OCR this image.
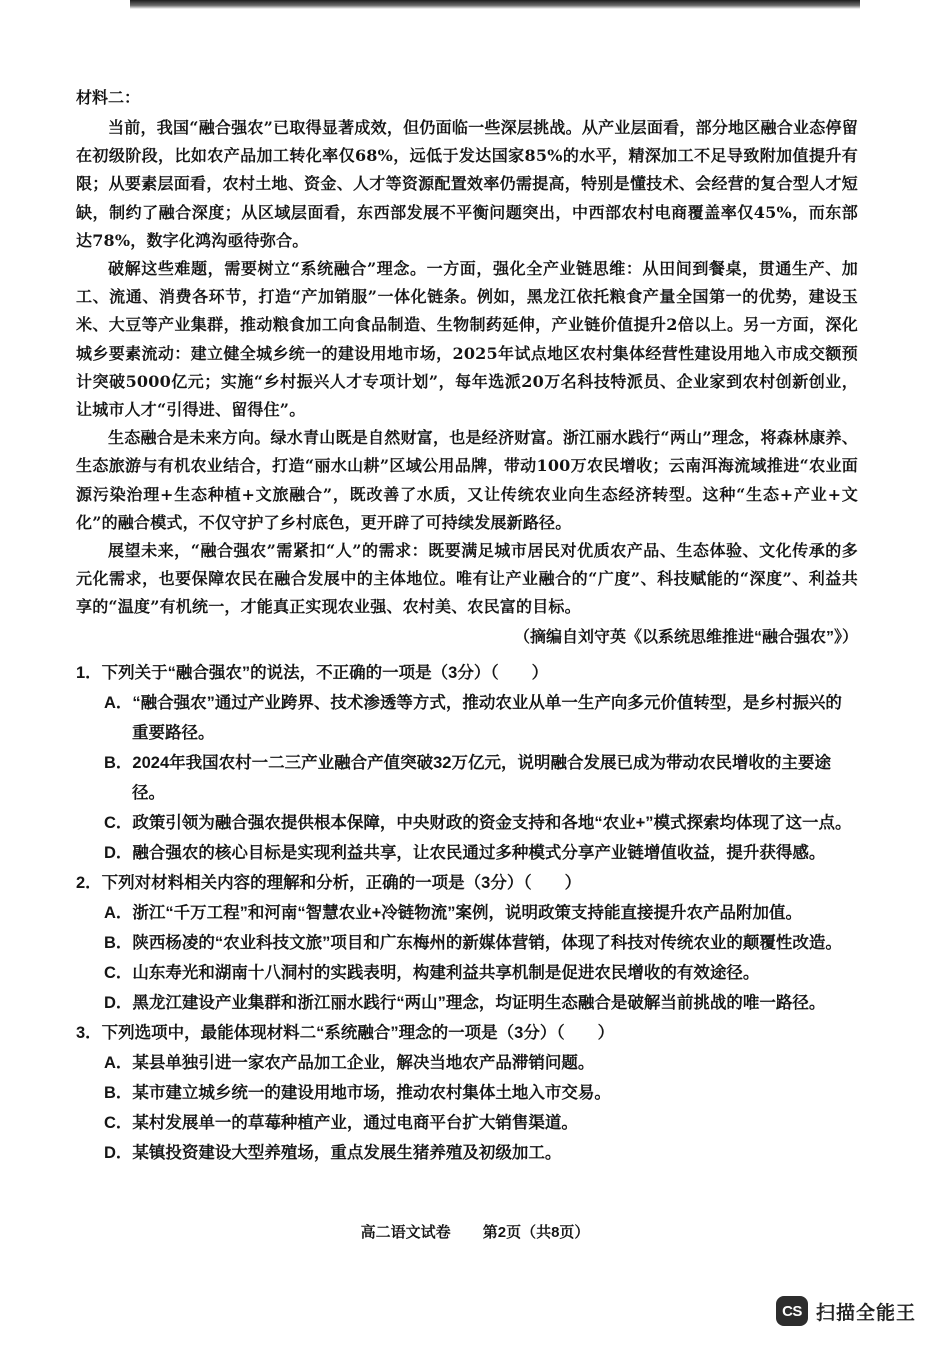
材料二：

当前，我国“融合强农”已取得显著成效，但仍面临一些深层挑战。从产业层面看，部分地区融合业态停留在初级阶段，比如农产品加工转化率仅68%，远低于发达国家85%的水平，精深加工不足导致附加值提升有限；从要素层面看，农村土地、资金、人才等资源配置效率仍需提高，特别是懂技术、会经营的复合型人才短缺，制约了融合深度；从区域层面看，东西部发展不平衡问题突出，中西部农村电商覆盖率仅45%，而东部达78%，数字化鸿沟亟待弥合。

破解这些难题，需要树立“系统融合”理念。一方面，强化全产业链思维：从田间到餐桌，贯通生产、加工、流通、消费各环节，打造“产加销服”一体化链条。例如，黑龙江依托粮食产量全国第一的优势，建设玉米、大豆等产业集群，推动粮食加工向食品制造、生物制药延伸，产业链价值提升2倍以上。另一方面，深化城乡要素流动：建立健全城乡统一的建设用地市场，2025年试点地区农村集体经营性建设用地入市成交额预计突破5000亿元；实施“乡村振兴人才专项计划”，每年选派20万名科技特派员、企业家到农村创新创业，让城市人才“引得进、留得住”。

生态融合是未来方向。绿水青山既是自然财富，也是经济财富。浙江丽水践行“两山”理念，将森林康养、生态旅游与有机农业结合，打造“丽水山耕”区域公用品牌，带动100万农民增收；云南洱海流域推进“农业面源污染治理+生态种植+文旅融合”，既改善了水质，又让传统农业向生态经济转型。这种“生态+产业+文化”的融合模式，不仅守护了乡村底色，更开辟了可持续发展新路径。

展望未来，“融合强农”需紧扣“人”的需求：既要满足城市居民对优质农产品、生态体验、文化传承的多元化需求，也要保障农民在融合发展中的主体地位。唯有让产业融合的“广度”、科技赋能的“深度”、利益共享的“温度”有机统一，才能真正实现农业强、农村美、农民富的目标。

（摘编自刘守英《以系统思维推进“融合强农”》）
1．下列关于“融合强农”的说法，不正确的一项是（3分）（　　）
A．“融合强农”通过产业跨界、技术渗透等方式，推动农业从单一生产向多元价值转型，是乡村振兴的重要路径。
B．2024年我国农村一二三产业融合产值突破32万亿元，说明融合发展已成为带动农民增收的主要途径。
C．政策引领为融合强农提供根本保障，中央财政的资金支持和各地“农业+”模式探索均体现了这一点。
D．融合强农的核心目标是实现利益共享，让农民通过多种模式分享产业链增值收益，提升获得感。
2．下列对材料相关内容的理解和分析，正确的一项是（3分）（　　）
A．浙江“千万工程”和河南“智慧农业+冷链物流”案例，说明政策支持能直接提升农产品附加值。
B．陕西杨凌的“农业科技文旅”项目和广东梅州的新媒体营销，体现了科技对传统农业的颠覆性改造。
C．山东寿光和湖南十八洞村的实践表明，构建利益共享机制是促进农民增收的有效途径。
D．黑龙江建设产业集群和浙江丽水践行“两山”理念，均证明生态融合是破解当前挑战的唯一路径。
3．下列选项中，最能体现材料二“系统融合”理念的一项是（3分）（　　）
A．某县单独引进一家农产品加工企业，解决当地农产品滞销问题。
B．某市建立城乡统一的建设用地市场，推动农村集体土地入市交易。
C．某村发展单一的草莓种植产业，通过电商平台扩大销售渠道。
D．某镇投资建设大型养殖场，重点发展生猪养殖及初级加工。
高二语文试卷 第2页（共8页）
CS 扫描全能王
